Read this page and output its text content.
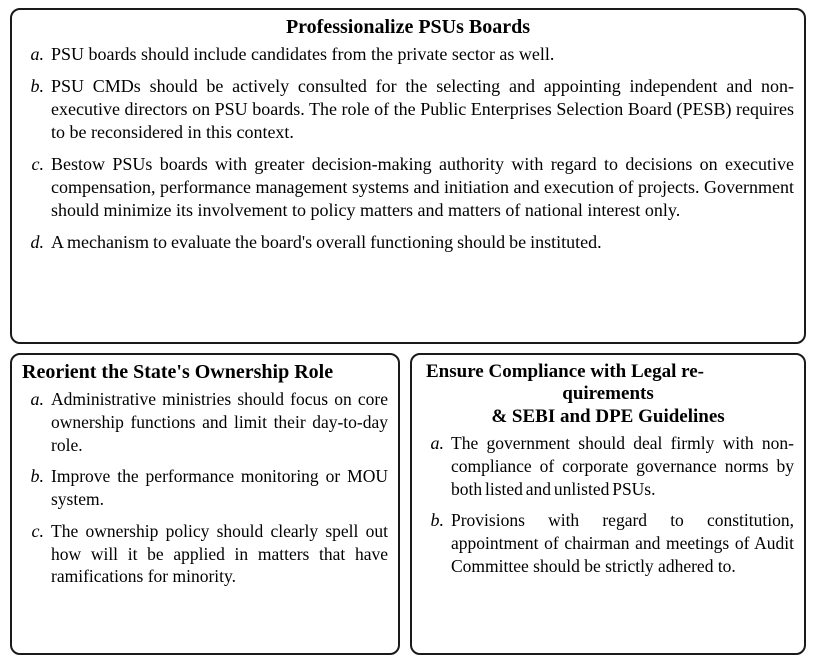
Professionalize PSUs Boards
a. PSU boards should include candidates from the private sector as well.
b. PSU CMDs should be actively consulted for the selecting and appointing independent and non-executive directors on PSU boards. The role of the Public Enterprises Selection Board (PESB) requires to be reconsidered in this context.
c. Bestow PSUs boards with greater decision-making authority with regard to decisions on executive compensation, performance management systems and initiation and execution of projects. Government should minimize its involvement to policy matters and matters of national interest only.
d. A mechanism to evaluate the board's overall functioning should be instituted.
Reorient the State's Ownership Role
a. Administrative ministries should focus on core ownership functions and limit their day-to-day role.
b. Improve the performance monitoring or MOU system.
c. The ownership policy should clearly spell out how will it be applied in matters that have ramifications for minority.
Ensure Compliance with Legal re-
quirements
& SEBI and DPE Guidelines
a. The government should deal firmly with non-compliance of corporate governance norms by both listed and unlisted PSUs.
b. Provisions with regard to constitution, appointment of chairman and meetings of Audit Committee should be strictly adhered to.
